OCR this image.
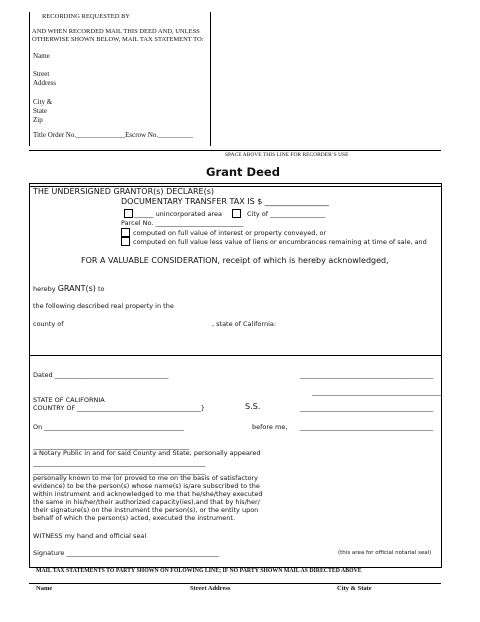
RECORDING REQUESTED BY
AND WHEN RECORDED MAIL THIS DEED AND, UNLESS
OTHERWISE SHOWN BELOW, MAIL TAX STATEMENT TO:
Name
Street
Address
City &
State
Zip
Title Order No.______________Escrow No.__________
SPACE ABOVE THIS LINE FOR RECORDER’S USE
Grant Deed
THE UNDERSIGNED GRANTOR(s) DECLARE(s)
DOCUMENTARY TRANSFER TAX IS $ ________________
______ unincorporated area	City of _________________
Parcel No. ___________________________
computed on full value of interest or property conveyed, or
computed on full value less value of liens or encumbrances remaining at time of sale, and
FOR A VALUABLE CONSIDERATION, receipt of which is hereby acknowledged,
hereby GRANT(s) to
the following described real property in the
county of	, state of California:
Dated ___________________________________	_________________________________________
________________________________________
STATE OF CALIFORNIA
COUNTRY OF ______________________________________}	S.S.	_________________________________________
On ___________________________________________	before me, _________________________________________
________________________________________________
a Notary Public in and for said County and State, personally appeared
_____________________________________________________
_____________________________________________________
personally known to me (or proved to me on the basis of satisfactory
evidence) to be the person(s) whose name(s) is/are subscribed to the
within instrument and acknowledged to me that he/she/they executed
the same in his/her/their authorized capacity(ies),and that by his/her/
their signature(s) on the instrument the person(s), or the entity upon
behalf of which the person(s) acted, executed the instrument.
WITNESS my hand and official seal
Signature _______________________________________________	(this area for official notarial seal)
MAIL TAX STATEMENTS TO PARTY SHOWN ON FOLOWING LINE; IF NO PARTY SHOWN MAIL AS DIRECTED ABOVE
Name	Street Address	City & State
